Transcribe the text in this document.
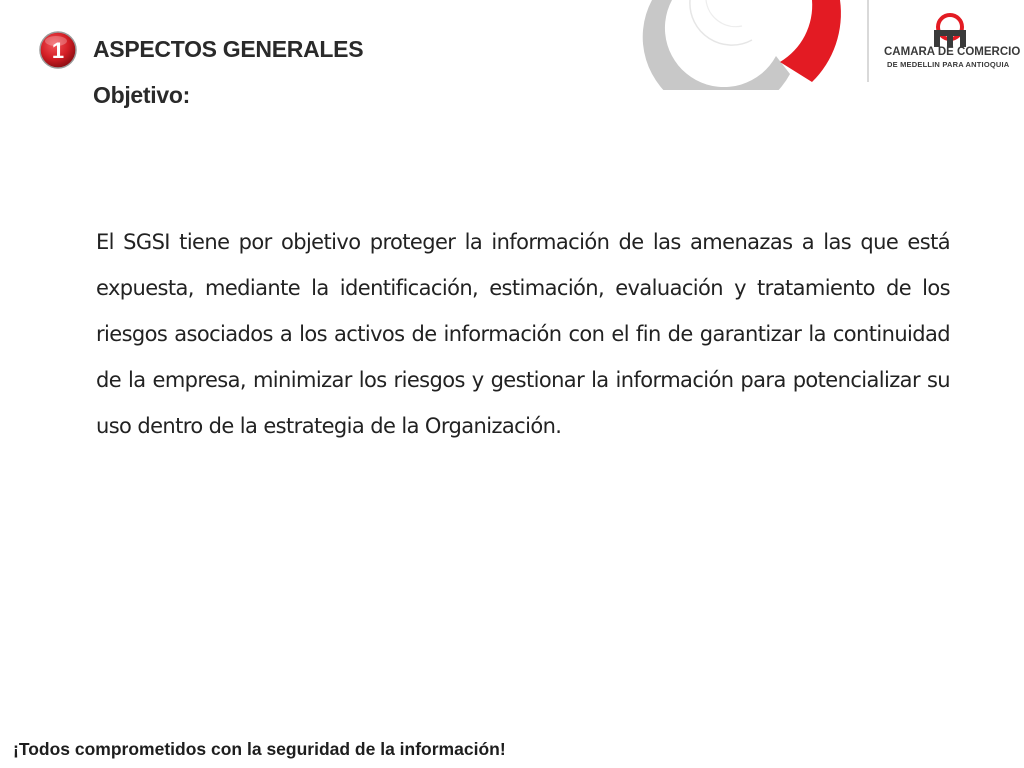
1 ASPECTOS GENERALES
Objetivo:
CAMARA DE COMERCIO
DE MEDELLIN PARA ANTIOQUIA

El SGSI tiene por objetivo proteger la información de las amenazas a las que está expuesta, mediante la identificación, estimación, evaluación y tratamiento de los riesgos asociados a los activos de información con el fin de garantizar la continuidad de la empresa, minimizar los riesgos y gestionar la información para potencializar su uso dentro de la estrategia de la Organización.

¡Todos comprometidos con la seguridad de la información!
